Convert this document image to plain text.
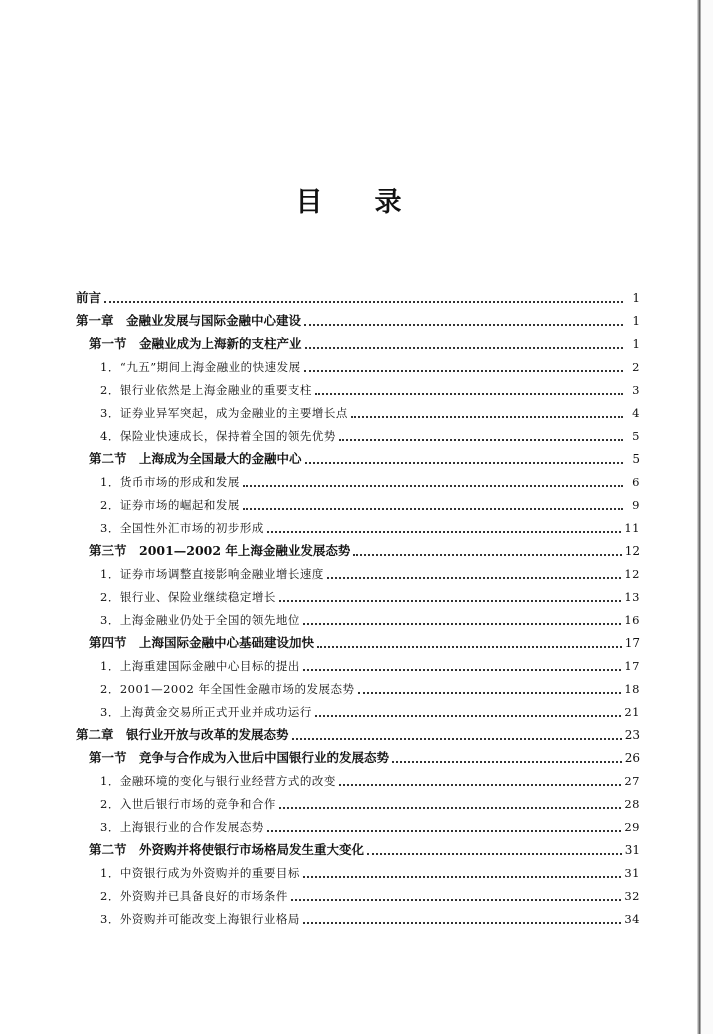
目 录
前言	1
第一章　金融业发展与国际金融中心建设	1
第一节　金融业成为上海新的支柱产业	1
1．“九五”期间上海金融业的快速发展	2
2．银行业依然是上海金融业的重要支柱	3
3．证券业异军突起，成为金融业的主要增长点	4
4．保险业快速成长，保持着全国的领先优势	5
第二节　上海成为全国最大的金融中心	5
1．货币市场的形成和发展	6
2．证券市场的崛起和发展	9
3．全国性外汇市场的初步形成	11
第三节　2001—2002 年上海金融业发展态势	12
1．证券市场调整直接影响金融业增长速度	12
2．银行业、保险业继续稳定增长	13
3．上海金融业仍处于全国的领先地位	16
第四节　上海国际金融中心基础建设加快	17
1．上海重建国际金融中心目标的提出	17
2．2001—2002 年全国性金融市场的发展态势	18
3．上海黄金交易所正式开业并成功运行	21
第二章　银行业开放与改革的发展态势	23
第一节　竞争与合作成为入世后中国银行业的发展态势	26
1．金融环境的变化与银行业经营方式的改变	27
2．入世后银行市场的竞争和合作	28
3．上海银行业的合作发展态势	29
第二节　外资购并将使银行市场格局发生重大变化	31
1．中资银行成为外资购并的重要目标	31
2．外资购并已具备良好的市场条件	32
3．外资购并可能改变上海银行业格局	34
